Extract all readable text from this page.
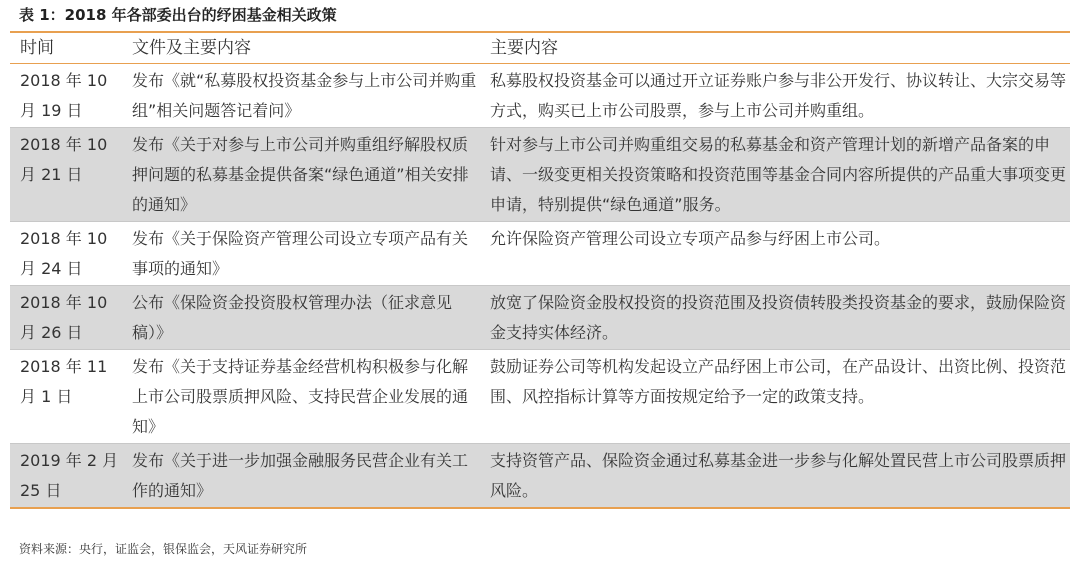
表 1：2018 年各部委出台的纾困基金相关政策
时间	文件及主要内容	主要内容
2018 年 10 月 19 日	发布《就“私募股权投资基金参与上市公司并购重组”相关问题答记着问》	私募股权投资基金可以通过开立证券账户参与非公开发行、协议转让、大宗交易等方式，购买已上市公司股票，参与上市公司并购重组。
2018 年 10 月 21 日	发布《关于对参与上市公司并购重组纾解股权质押问题的私募基金提供备案“绿色通道”相关安排的通知》	针对参与上市公司并购重组交易的私募基金和资产管理计划的新增产品备案的申请、一级变更相关投资策略和投资范围等基金合同内容所提供的产品重大事项变更申请，特别提供“绿色通道”服务。
2018 年 10 月 24 日	发布《关于保险资产管理公司设立专项产品有关事项的通知》	允许保险资产管理公司设立专项产品参与纾困上市公司。
2018 年 10 月 26 日	公布《保险资金投资股权管理办法（征求意见稿）》	放宽了保险资金股权投资的投资范围及投资债转股类投资基金的要求，鼓励保险资金支持实体经济。
2018 年 11 月 1 日	发布《关于支持证券基金经营机构积极参与化解上市公司股票质押风险、支持民营企业发展的通知》	鼓励证券公司等机构发起设立产品纾困上市公司，在产品设计、出资比例、投资范围、风控指标计算等方面按规定给予一定的政策支持。
2019 年 2 月 25 日	发布《关于进一步加强金融服务民营企业有关工作的通知》	支持资管产品、保险资金通过私募基金进一步参与化解处置民营上市公司股票质押风险。
资料来源：央行，证监会，银保监会，天风证券研究所
